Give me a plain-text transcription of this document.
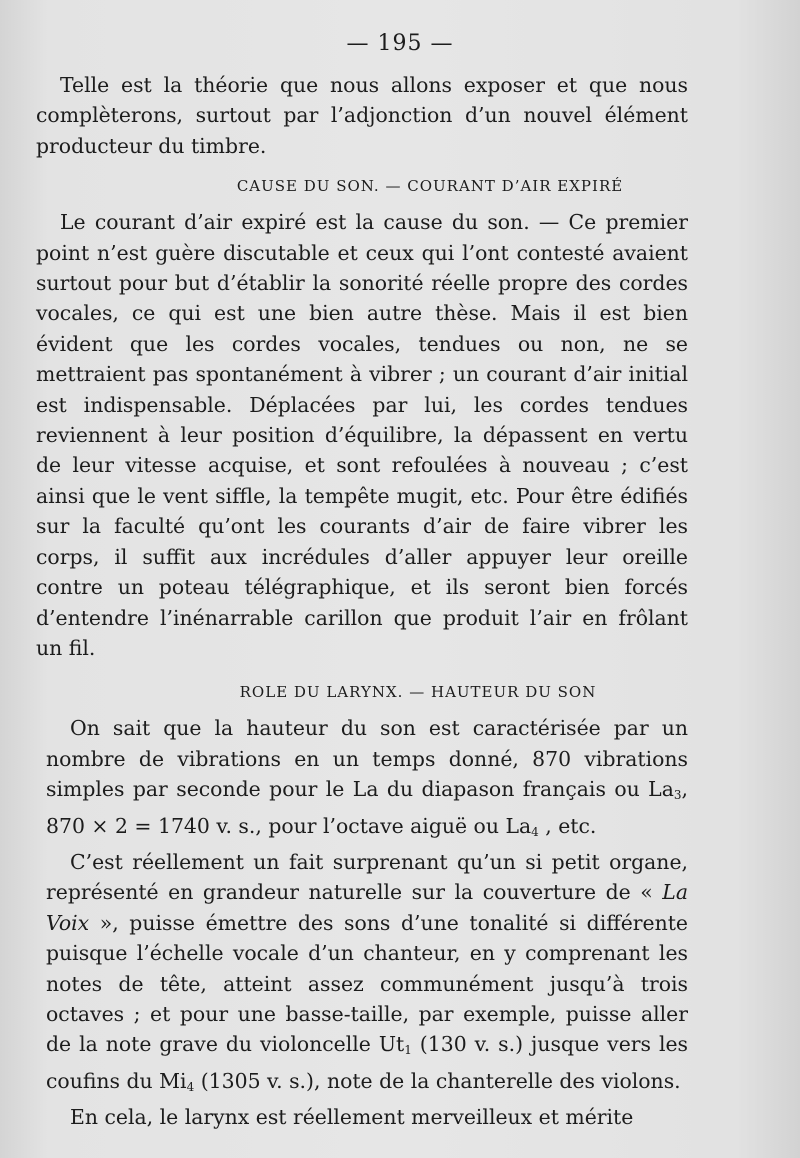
— 195 —

Telle est la théorie que nous allons exposer et que nous complèterons, surtout par l’adjonction d’un nouvel élément producteur du timbre.

CAUSE DU SON. — COURANT D’AIR EXPIRÉ

Le courant d’air expiré est la cause du son. — Ce premier point n’est guère discutable et ceux qui l’ont contesté avaient surtout pour but d’établir la sonorité réelle propre des cordes vocales, ce qui est une bien autre thèse. Mais il est bien évident que les cordes vocales, tendues ou non, ne se mettraient pas spontanément à vibrer ; un courant d’air initial est indispensable. Déplacées par lui, les cordes tendues reviennent à leur position d’équilibre, la dépassent en vertu de leur vitesse acquise, et sont refoulées à nouveau ; c’est ainsi que le vent siffle, la tempête mugit, etc. Pour être édifiés sur la faculté qu’ont les courants d’air de faire vibrer les corps, il suffit aux incrédules d’aller appuyer leur oreille contre un poteau télégraphique, et ils seront bien forcés d’entendre l’inénarrable carillon que produit l’air en frôlant un fil.

ROLE DU LARYNX. — HAUTEUR DU SON

On sait que la hauteur du son est caractérisée par un nombre de vibrations en un temps donné, 870 vibrations simples par seconde pour le La du diapason français ou $La_3$, 870 × 2 = 1740 v. s., pour l’octave aiguë ou $La_4$ , etc.

C’est réellement un fait surprenant qu’un si petit organe, représenté en grandeur naturelle sur la couverture de « La Voix », puisse émettre des sons d’une tonalité si différente puisque l’échelle vocale d’un chanteur, en y comprenant les notes de tête, atteint assez communément jusqu’à trois octaves ; et pour une basse-taille, par exemple, puisse aller de la note grave du violoncelle $Ut_1$ (130 v. s.) jusque vers les coufins du $Mi_4$ (1305 v. s.), note de la chanterelle des violons.

En cela, le larynx est réellement merveilleux et mérite
